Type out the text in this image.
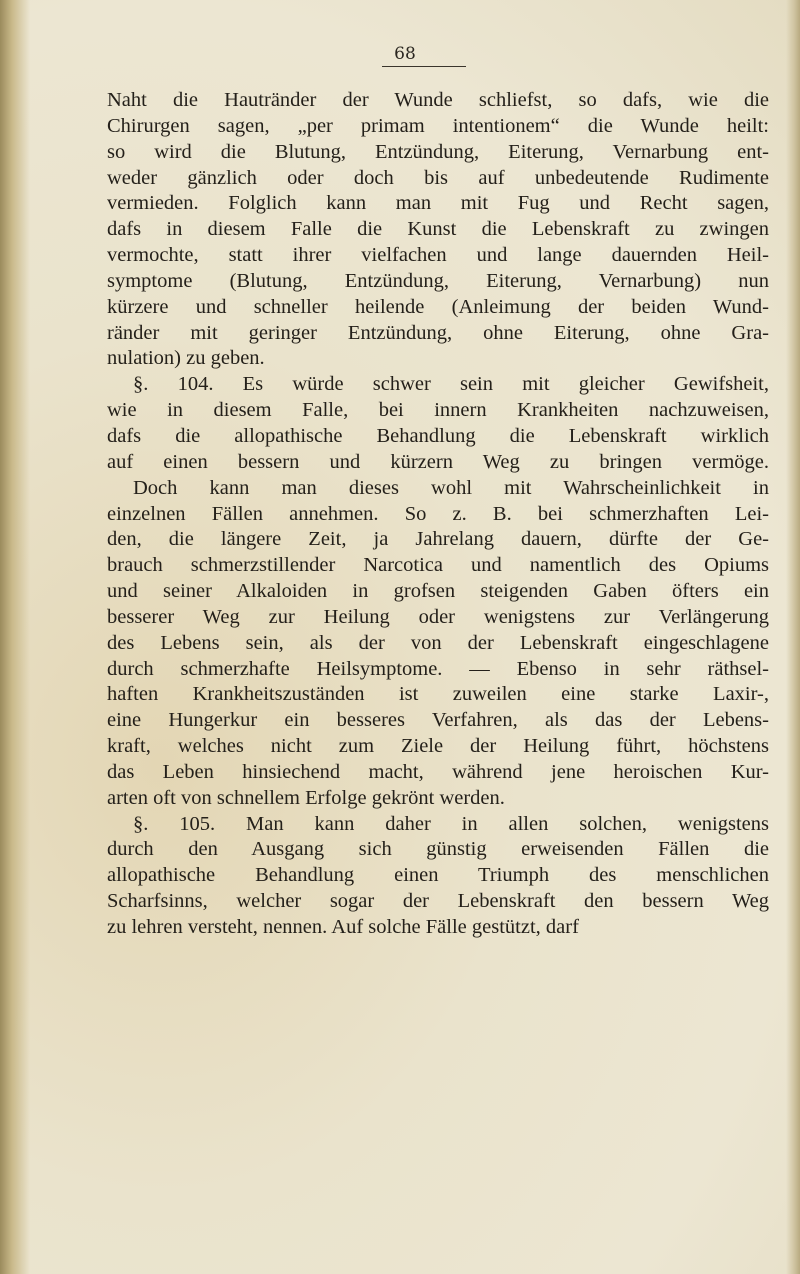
68
Naht die Hautränder der Wunde schliefst, so dafs, wie die
Chirurgen sagen, „per primam intentionem“ die Wunde heilt:
so wird die Blutung, Entzündung, Eiterung, Vernarbung ent-
weder gänzlich oder doch bis auf unbedeutende Rudimente
vermieden. Folglich kann man mit Fug und Recht sagen,
dafs in diesem Falle die Kunst die Lebenskraft zu zwingen
vermochte, statt ihrer vielfachen und lange dauernden Heil-
symptome (Blutung, Entzündung, Eiterung, Vernarbung) nun
kürzere und schneller heilende (Anleimung der beiden Wund-
ränder mit geringer Entzündung, ohne Eiterung, ohne Gra-
nulation) zu geben.
§. 104. Es würde schwer sein mit gleicher Gewifsheit,
wie in diesem Falle, bei innern Krankheiten nachzuweisen,
dafs die allopathische Behandlung die Lebenskraft wirklich
auf einen bessern und kürzern Weg zu bringen vermöge.
Doch kann man dieses wohl mit Wahrscheinlichkeit in
einzelnen Fällen annehmen. So z. B. bei schmerzhaften Lei-
den, die längere Zeit, ja Jahrelang dauern, dürfte der Ge-
brauch schmerzstillender Narcotica und namentlich des Opiums
und seiner Alkaloiden in grofsen steigenden Gaben öfters ein
besserer Weg zur Heilung oder wenigstens zur Verlängerung
des Lebens sein, als der von der Lebenskraft eingeschlagene
durch schmerzhafte Heilsymptome. — Ebenso in sehr räthsel-
haften Krankheitszuständen ist zuweilen eine starke Laxir-,
eine Hungerkur ein besseres Verfahren, als das der Lebens-
kraft, welches nicht zum Ziele der Heilung führt, höchstens
das Leben hinsiechend macht, während jene heroischen Kur-
arten oft von schnellem Erfolge gekrönt werden.
§. 105. Man kann daher in allen solchen, wenigstens
durch den Ausgang sich günstig erweisenden Fällen die
allopathische Behandlung einen Triumph des menschlichen
Scharfsinns, welcher sogar der Lebenskraft den bessern Weg
zu lehren versteht, nennen. Auf solche Fälle gestützt, darf
